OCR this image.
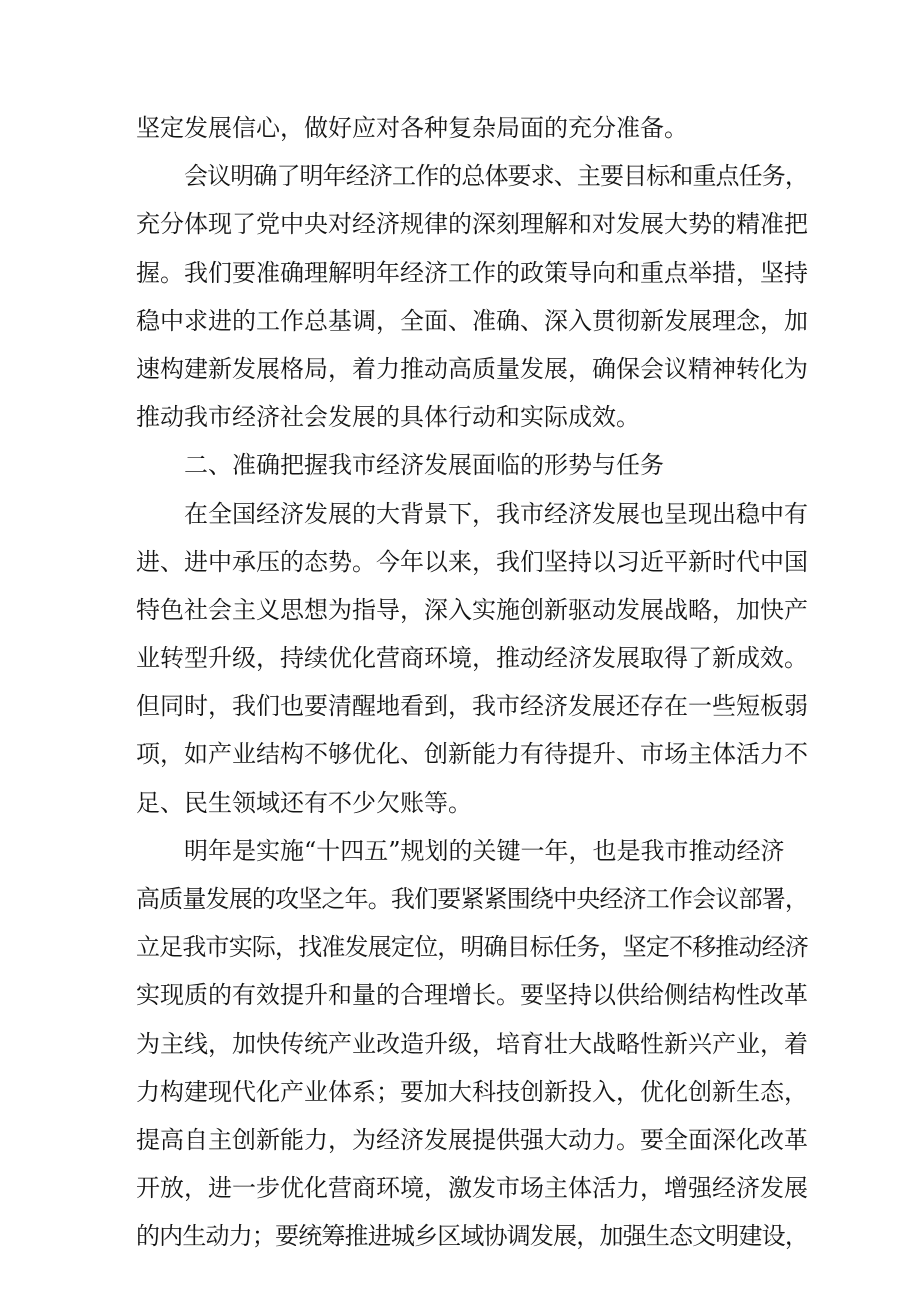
坚定发展信心，做好应对各种复杂局面的充分准备。
会议明确了明年经济工作的总体要求、主要目标和重点任务，
充分体现了党中央对经济规律的深刻理解和对发展大势的精准把
握。我们要准确理解明年经济工作的政策导向和重点举措，坚持
稳中求进的工作总基调，全面、准确、深入贯彻新发展理念，加
速构建新发展格局，着力推动高质量发展，确保会议精神转化为
推动我市经济社会发展的具体行动和实际成效。
二、准确把握我市经济发展面临的形势与任务
在全国经济发展的大背景下，我市经济发展也呈现出稳中有
进、进中承压的态势。今年以来，我们坚持以习近平新时代中国
特色社会主义思想为指导，深入实施创新驱动发展战略，加快产
业转型升级，持续优化营商环境，推动经济发展取得了新成效。
但同时，我们也要清醒地看到，我市经济发展还存在一些短板弱
项，如产业结构不够优化、创新能力有待提升、市场主体活力不
足、民生领域还有不少欠账等。
明年是实施“十四五”规划的关键一年，也是我市推动经济
高质量发展的攻坚之年。我们要紧紧围绕中央经济工作会议部署，
立足我市实际，找准发展定位，明确目标任务，坚定不移推动经济
实现质的有效提升和量的合理增长。要坚持以供给侧结构性改革
为主线，加快传统产业改造升级，培育壮大战略性新兴产业，着
力构建现代化产业体系；要加大科技创新投入，优化创新生态，
提高自主创新能力，为经济发展提供强大动力。要全面深化改革
开放，进一步优化营商环境，激发市场主体活力，增强经济发展
的内生动力；要统筹推进城乡区域协调发展，加强生态文明建设，
